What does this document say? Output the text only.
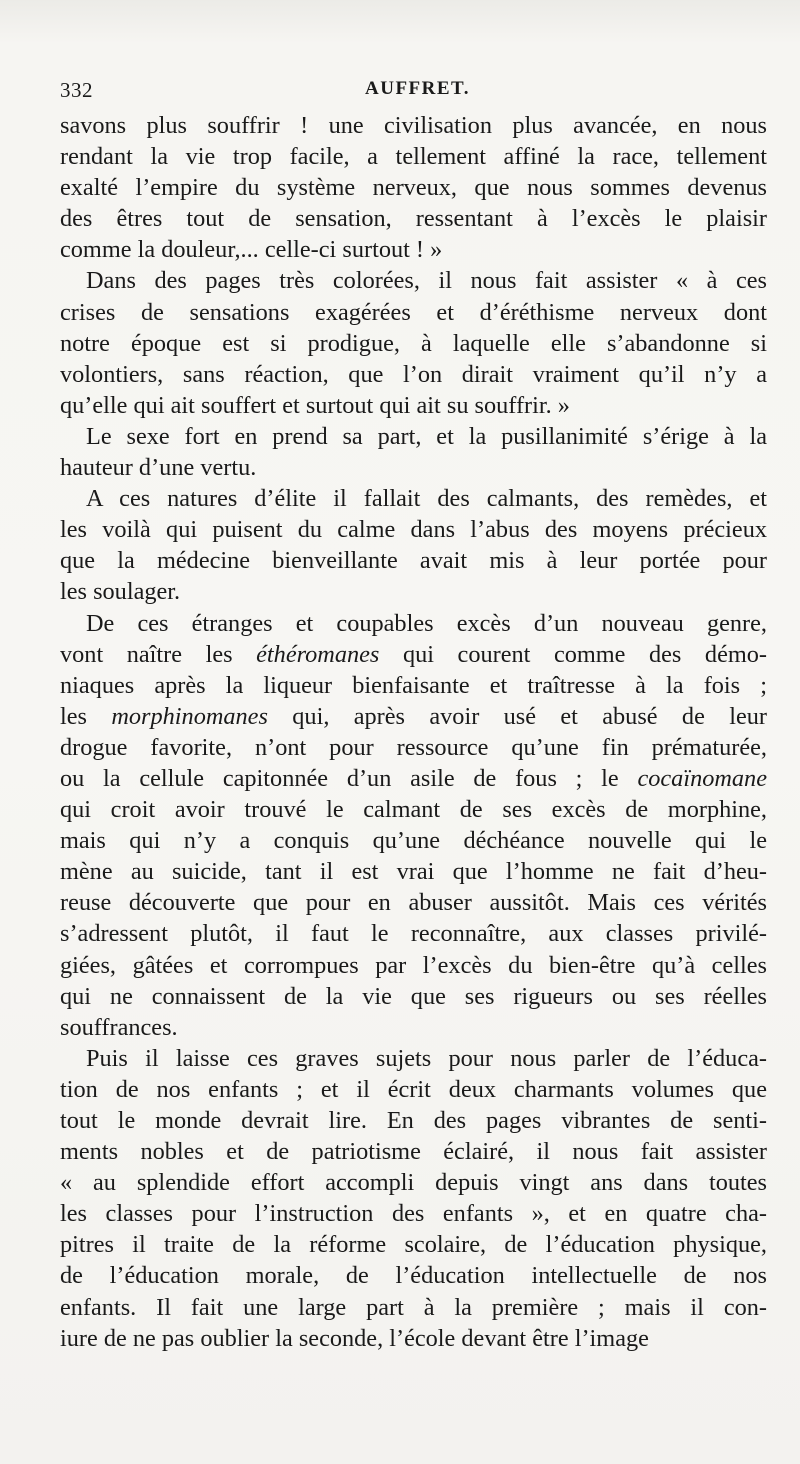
332	AUFFRET.
savons plus souffrir ! une civilisation plus avancée, en nous
rendant la vie trop facile, a tellement affiné la race, tellement
exalté l’empire du système nerveux, que nous sommes devenus
des êtres tout de sensation, ressentant à l’excès le plaisir
comme la douleur,... celle-ci surtout ! »
Dans des pages très colorées, il nous fait assister « à ces
crises de sensations exagérées et d’éréthisme nerveux dont
notre époque est si prodigue, à laquelle elle s’abandonne si
volontiers, sans réaction, que l’on dirait vraiment qu’il n’y a
qu’elle qui ait souffert et surtout qui ait su souffrir. »
Le sexe fort en prend sa part, et la pusillanimité s’érige à la
hauteur d’une vertu.
A ces natures d’élite il fallait des calmants, des remèdes, et
les voilà qui puisent du calme dans l’abus des moyens précieux
que la médecine bienveillante avait mis à leur portée pour
les soulager.
De ces étranges et coupables excès d’un nouveau genre,
vont naître les éthéromanes qui courent comme des démo-
niaques après la liqueur bienfaisante et traîtresse à la fois ;
les morphinomanes qui, après avoir usé et abusé de leur
drogue favorite, n’ont pour ressource qu’une fin prématurée,
ou la cellule capitonnée d’un asile de fous ; le cocaïnomane
qui croit avoir trouvé le calmant de ses excès de morphine,
mais qui n’y a conquis qu’une déchéance nouvelle qui le
mène au suicide, tant il est vrai que l’homme ne fait d’heu-
reuse découverte que pour en abuser aussitôt. Mais ces vérités
s’adressent plutôt, il faut le reconnaître, aux classes privilé-
giées, gâtées et corrompues par l’excès du bien-être qu’à celles
qui ne connaissent de la vie que ses rigueurs ou ses réelles
souffrances.
Puis il laisse ces graves sujets pour nous parler de l’éduca-
tion de nos enfants ; et il écrit deux charmants volumes que
tout le monde devrait lire. En des pages vibrantes de senti-
ments nobles et de patriotisme éclairé, il nous fait assister
« au splendide effort accompli depuis vingt ans dans toutes
les classes pour l’instruction des enfants », et en quatre cha-
pitres il traite de la réforme scolaire, de l’éducation physique,
de l’éducation morale, de l’éducation intellectuelle de nos
enfants. Il fait une large part à la première ; mais il con-
iure de ne pas oublier la seconde, l’école devant être l’image
